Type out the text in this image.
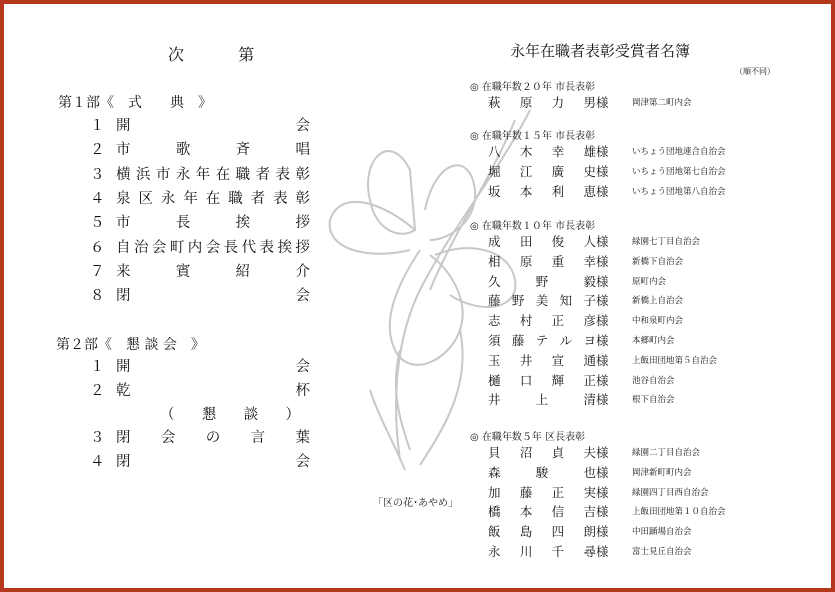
次	第
第１部《　式　　典　》
１ 開	会
２ 市	歌	斉	唱
３ 横 浜 市 永 年 在 職 者 表 彰
４ 泉 区 永 年 在 職 者 表 彰
５ 市	長	挨	拶
６ 自 治 会 町 内 会 長 代 表 挨 拶
７ 来	賓	紹	介
８ 閉	会
第２部《　懇 談 会　》
１ 開	会
２ 乾	杯
（ 懇 談 ）
３ 閉 会 の 言 葉
４ 閉	会
「区の花･あやめ」
永年在職者表彰受賞者名簿
（順不同）
◎ 在職年数２０年 市長表彰
萩 原 力 男 様	岡津第二町内会
◎ 在職年数１５年 市長表彰
八 木 幸 雄 様	いちょう団地連合自治会
堀 江 廣 史 様	いちょう団地第七自治会
坂 本 利 恵 様	いちょう団地第八自治会
◎ 在職年数１０年 市長表彰
成 田 俊 人 様	緑園七丁目自治会
相 原 重 幸 様	新橋下自治会
久	野	毅 様	原町内会
藤 野 美 知 子 様	新橋上自治会
志 村 正 彦 様	中和泉町内会
須 藤 テ ル ヨ 様	本郷町内会
玉 井 宣 通 様	上飯田団地第５自治会
樋 口 輝 正 様	池谷自治会
井	上	清 様	根下自治会
◎ 在職年数５年 区長表彰
貝 沼 貞 夫 様	緑園二丁目自治会
森	駿	也 様	岡津新町町内会
加 藤 正 実 様	緑園四丁目西自治会
橋 本 信 吉 様	上飯田団地第１０自治会
飯 島 四 朗 様	中田踊場自治会
永 川 千 尋 様	富士見丘自治会
